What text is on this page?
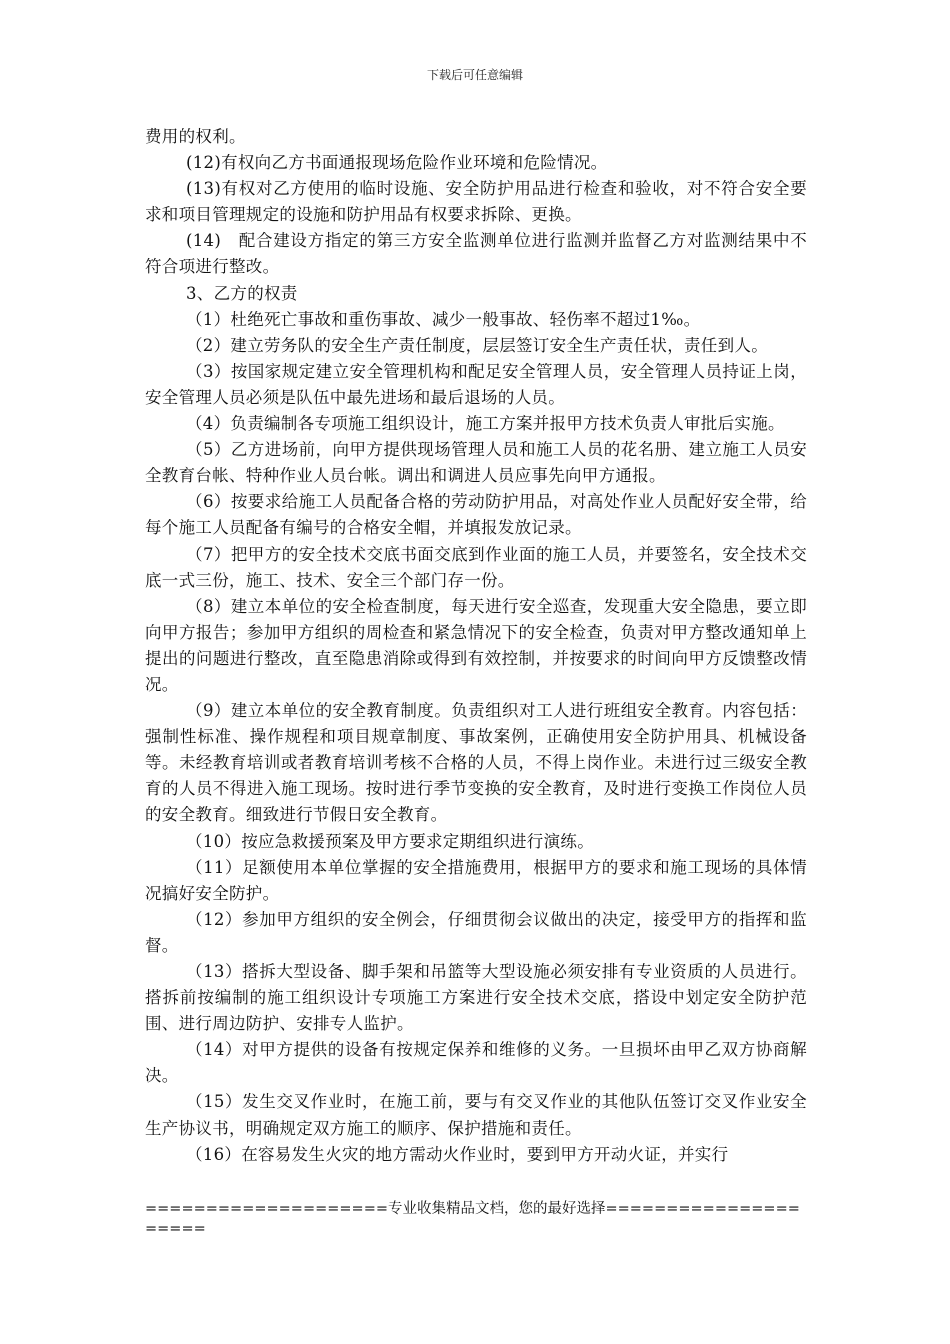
下载后可任意编辑

费用的权利。

(12)有权向乙方书面通报现场危险作业环境和危险情况。

(13)有权对乙方使用的临时设施、安全防护用品进行检查和验收，对不符合安全要求和项目管理规定的设施和防护用品有权要求拆除、更换。

(14)　配合建设方指定的第三方安全监测单位进行监测并监督乙方对监测结果中不符合项进行整改。

3、乙方的权责

（1）杜绝死亡事故和重伤事故、减少一般事故、轻伤率不超过1‰。

（2）建立劳务队的安全生产责任制度，层层签订安全生产责任状，责任到人。

（3）按国家规定建立安全管理机构和配足安全管理人员，安全管理人员持证上岗，安全管理人员必须是队伍中最先进场和最后退场的人员。

（4）负责编制各专项施工组织设计，施工方案并报甲方技术负责人审批后实施。

（5）乙方进场前，向甲方提供现场管理人员和施工人员的花名册、建立施工人员安全教育台帐、特种作业人员台帐。调出和调进人员应事先向甲方通报。

（6）按要求给施工人员配备合格的劳动防护用品，对高处作业人员配好安全带，给每个施工人员配备有编号的合格安全帽，并填报发放记录。

（7）把甲方的安全技术交底书面交底到作业面的施工人员，并要签名，安全技术交底一式三份，施工、技术、安全三个部门存一份。

（8）建立本单位的安全检查制度，每天进行安全巡查，发现重大安全隐患，要立即向甲方报告；参加甲方组织的周检查和紧急情况下的安全检查，负责对甲方整改通知单上提出的问题进行整改，直至隐患消除或得到有效控制，并按要求的时间向甲方反馈整改情况。

（9）建立本单位的安全教育制度。负责组织对工人进行班组安全教育。内容包括：强制性标准、操作规程和项目规章制度、事故案例，正确使用安全防护用具、机械设备等。未经教育培训或者教育培训考核不合格的人员，不得上岗作业。未进行过三级安全教育的人员不得进入施工现场。按时进行季节变换的安全教育，及时进行变换工作岗位人员的安全教育。细致进行节假日安全教育。

（10）按应急救援预案及甲方要求定期组织进行演练。

（11）足额使用本单位掌握的安全措施费用，根据甲方的要求和施工现场的具体情况搞好安全防护。

（12）参加甲方组织的安全例会，仔细贯彻会议做出的决定，接受甲方的指挥和监督。

（13）搭拆大型设备、脚手架和吊篮等大型设施必须安排有专业资质的人员进行。搭拆前按编制的施工组织设计专项施工方案进行安全技术交底，搭设中划定安全防护范围、进行周边防护、安排专人监护。

（14）对甲方提供的设备有按规定保养和维修的义务。一旦损坏由甲乙双方协商解决。

（15）发生交叉作业时，在施工前，要与有交叉作业的其他队伍签订交叉作业安全生产协议书，明确规定双方施工的顺序、保护措施和责任。

（16）在容易发生火灾的地方需动火作业时，要到甲方开动火证，并实行

====================专业收集精品文档，您的最好选择=====================
